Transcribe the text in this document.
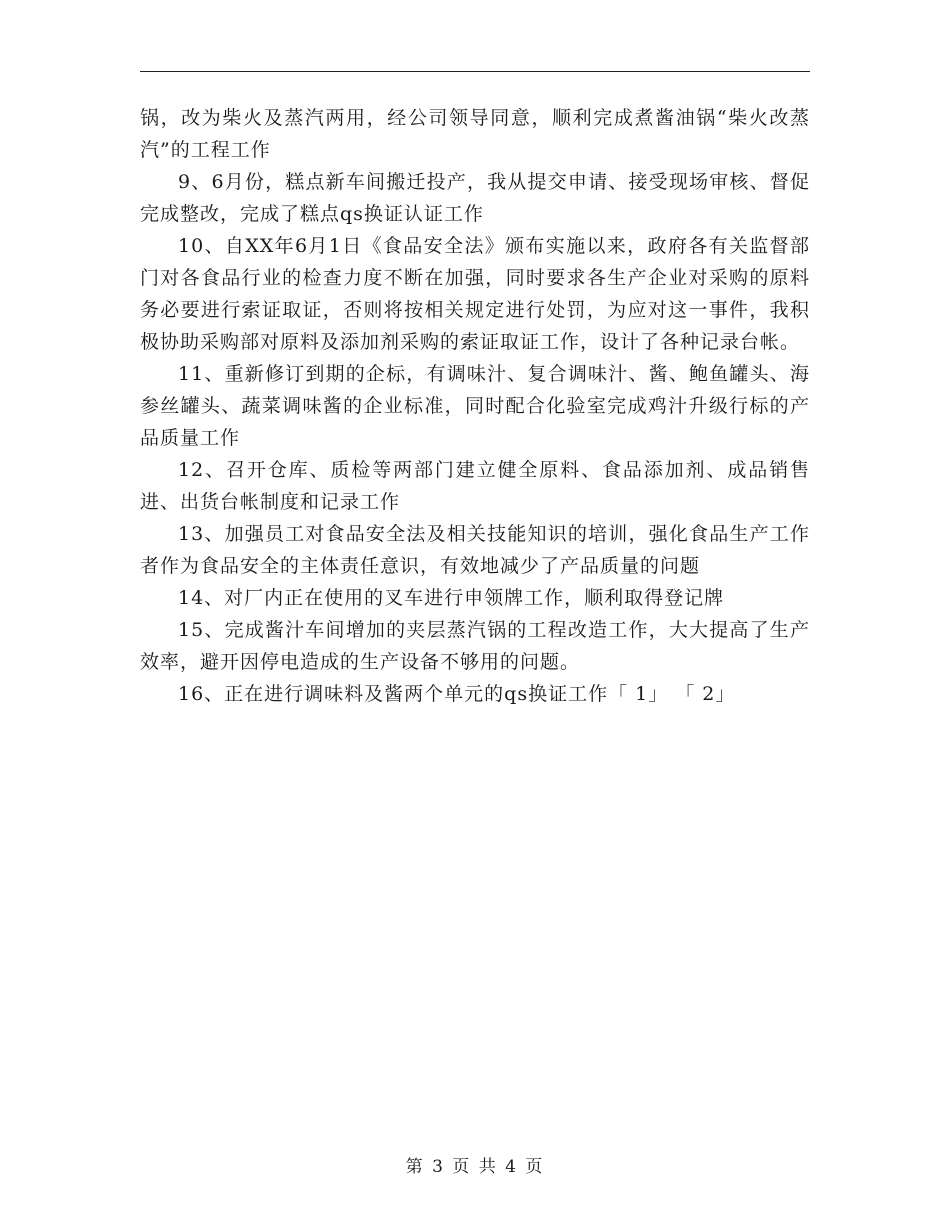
锅，改为柴火及蒸汽两用，经公司领导同意，顺利完成煮酱油锅“柴火改蒸汽”的工程工作

9、6月份，糕点新车间搬迁投产，我从提交申请、接受现场审核、督促完成整改，完成了糕点qs换证认证工作

10、自XX年6月1日《食品安全法》颁布实施以来，政府各有关监督部门对各食品行业的检查力度不断在加强，同时要求各生产企业对采购的原料务必要进行索证取证，否则将按相关规定进行处罚，为应对这一事件，我积极协助采购部对原料及添加剂采购的索证取证工作，设计了各种记录台帐。

11、重新修订到期的企标，有调味汁、复合调味汁、酱、鲍鱼罐头、海参丝罐头、蔬菜调味酱的企业标准，同时配合化验室完成鸡汁升级行标的产品质量工作

12、召开仓库、质检等两部门建立健全原料、食品添加剂、成品销售进、出货台帐制度和记录工作

13、加强员工对食品安全法及相关技能知识的培训，强化食品生产工作者作为食品安全的主体责任意识，有效地减少了产品质量的问题

14、对厂内正在使用的叉车进行申领牌工作，顺利取得登记牌

15、完成酱汁车间增加的夹层蒸汽锅的工程改造工作，大大提高了生产效率，避开因停电造成的生产设备不够用的问题。

16、正在进行调味料及酱两个单元的qs换证工作「 1」 「 2」

第 3 页 共 4 页
